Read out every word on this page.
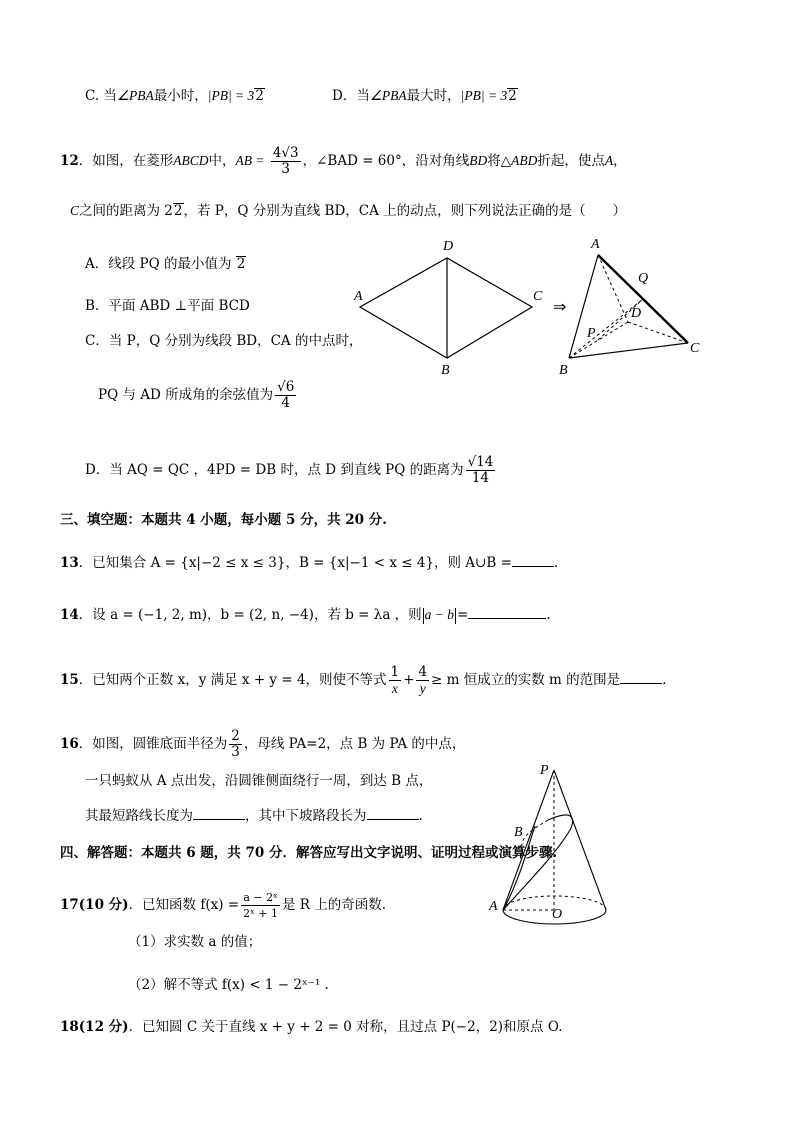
C. 当∠PBA最小时，|PB| = 32	D．当∠PBA最大时，|PB| = 32
12．如图，在菱形ABCD中，AB = $\frac{4√3}{3}$ ，∠BAD = 60°，沿对角线BD将△ABD折起，使点A，
C之间的距离为 22，若 P，Q 分别为直线 BD，CA 上的动点，则下列说法正确的是（　　）
A．线段 PQ 的最小值为 2
B．平面 ABD ⊥平面 BCD
C．当 P，Q 分别为线段 BD，CA 的中点时，
PQ 与 AD 所成角的余弦值为 $\frac{√6}{4}$
D．当 AQ = QC ，4PD = DB 时，点 D 到直线 PQ 的距离为 $\frac{√14}{14}$
A
D
C
B
⇒
A
Q
D
P
C
B
P
B
A
O
三、填空题：本题共 4 小题，每小题 5 分，共 20 分.
13．已知集合 A = {x|−2 ≤ x ≤ 3}，B = {x|−1 < x ≤ 4}，则 A∪B =	.
14．设 a = (−1, 2, m)，b = (2, n, −4)，若 b = λa ，则 a − b =	.
15．已知两个正数 x，y 满足 x + y = 4，则使不等式 $\frac{1}{x} + \frac{4}{y} \ge m$ 恒成立的实数 m 的范围是	.
16．如图，圆锥底面半径为 $\frac{2}{3}$ ，母线 PA=2，点 B 为 PA 的中点，
一只蚂蚁从 A 点出发，沿圆锥侧面绕行一周，到达 B 点，
其最短路线长度为	，其中下坡路段长为	.
四、解答题：本题共 6 题，共 70 分．解答应写出文字说明、证明过程或演算步骤.
17(10 分)．已知函数 $f(x) = \frac{\text{a − 2ˣ}}{\text{2ˣ + 1}}$ 是 R 上的奇函数.
（1）求实数 a 的值；
（2）解不等式 f(x) < 1 − 2ˣ⁻¹ .
18(12 分)．已知圆 C 关于直线 x + y + 2 = 0 对称，且过点 P(−2，2)和原点 O.
